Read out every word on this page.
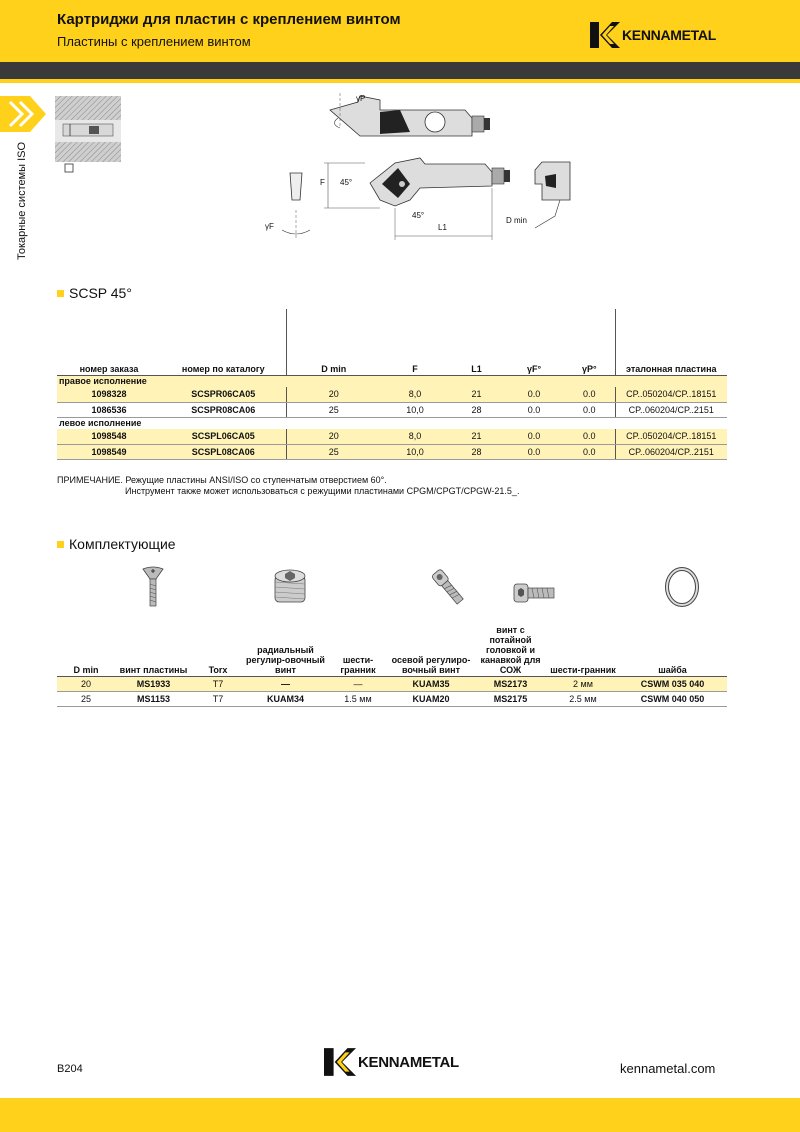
Картриджи для пластин с креплением винтом
Пластины с креплением винтом	KENNAMETAL
Токарные системы ISO
γP
γF
F 45°
45°
L1
D min
SCSP 45°
номер заказа	номер по каталогу	D min	F	L1	γF°	γP°	эталонная пластина
правое исполнение							
1098328	SCSPR06CA05	20	8,0	21	0.0	0.0	CP..050204/CP..18151
1086536	SCSPR08CA06	25	10,0	28	0.0	0.0	CP..060204/CP..2151
левое исполнение							
1098548	SCSPL06CA05	20	8,0	21	0.0	0.0	CP..050204/CP..18151
1098549	SCSPL08CA06	25	10,0	28	0.0	0.0	CP..060204/CP..2151
ПРИМЕЧАНИЕ. Режущие пластины ANSI/ISO со ступенчатым отверстием 60°.
Инструмент также может использоваться с режущими пластинами CPGM/CPGT/CPGW-21.5_.
Комплектующие
D min	винт пластины	Torx	радиальный регулир-овочный винт	шести-гранник	осевой регулиро-вочный винт	винт с потайной головкой и канавкой для СОЖ	шести-гранник	шайба
20	MS1933	T7	—	—	KUAM35	MS2173	2 мм	CSWM 035 040
25	MS1153	T7	KUAM34	1.5 мм	KUAM20	MS2175	2.5 мм	CSWM 040 050
B204	KENNAMETAL	kennametal.com
